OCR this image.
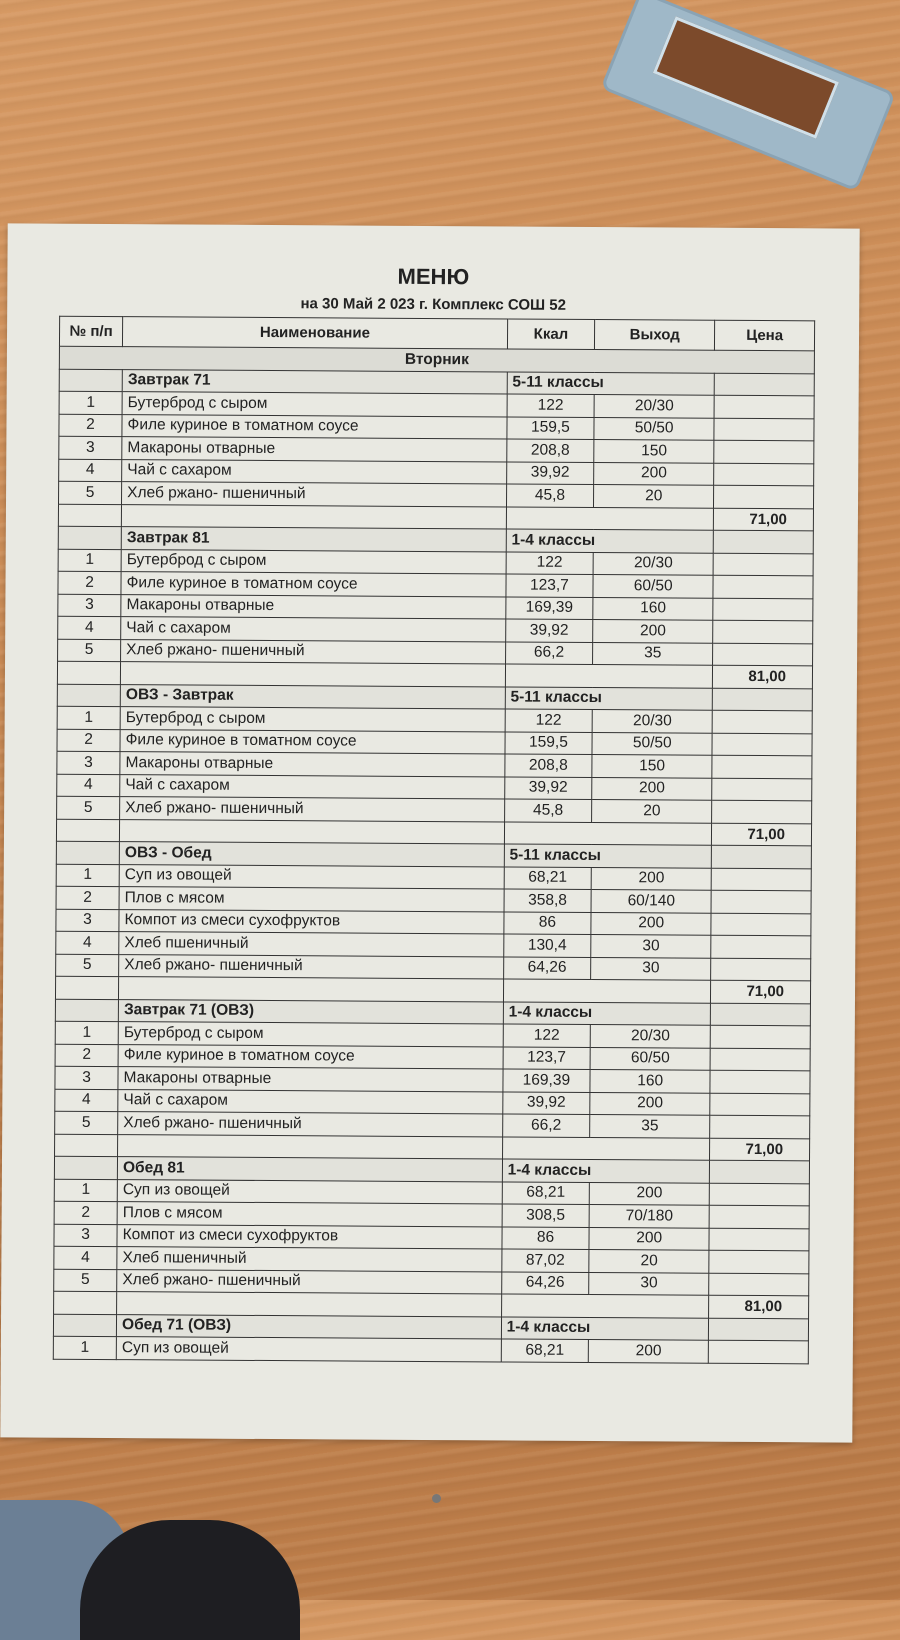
МЕНЮ
на 30 Май 2 023 г. Комплекс СОШ 52
№ п/п	Наименование	Ккал	Выход	Цена
Вторник				
	Завтрак 71	5-11 классы		
1	Бутерброд с сыром	122	20/30	
2	Филе куриное в томатном соусе	159,5	50/50	
3	Макароны отварные	208,8	150	
4	Чай с сахаром	39,92	200	
5	Хлеб ржано- пшеничный	45,8	20	
				71,00
	Завтрак 81	1-4 классы		
1	Бутерброд с сыром	122	20/30	
2	Филе куриное в томатном соусе	123,7	60/50	
3	Макароны отварные	169,39	160	
4	Чай с сахаром	39,92	200	
5	Хлеб ржано- пшеничный	66,2	35	
				81,00
	ОВЗ - Завтрак	5-11 классы		
1	Бутерброд с сыром	122	20/30	
2	Филе куриное в томатном соусе	159,5	50/50	
3	Макароны отварные	208,8	150	
4	Чай с сахаром	39,92	200	
5	Хлеб ржано- пшеничный	45,8	20	
				71,00
	ОВЗ - Обед	5-11 классы		
1	Суп из овощей	68,21	200	
2	Плов с мясом	358,8	60/140	
3	Компот из смеси сухофруктов	86	200	
4	Хлеб пшеничный	130,4	30	
5	Хлеб ржано- пшеничный	64,26	30	
				71,00
	Завтрак 71 (ОВЗ)	1-4 классы		
1	Бутерброд с сыром	122	20/30	
2	Филе куриное в томатном соусе	123,7	60/50	
3	Макароны отварные	169,39	160	
4	Чай с сахаром	39,92	200	
5	Хлеб ржано- пшеничный	66,2	35	
				71,00
	Обед 81	1-4 классы		
1	Суп из овощей	68,21	200	
2	Плов с мясом	308,5	70/180	
3	Компот из смеси сухофруктов	86	200	
4	Хлеб пшеничный	87,02	20	
5	Хлеб ржано- пшеничный	64,26	30	
				81,00
	Обед 71 (ОВЗ)	1-4 классы		
1	Суп из овощей	68,21	200	
